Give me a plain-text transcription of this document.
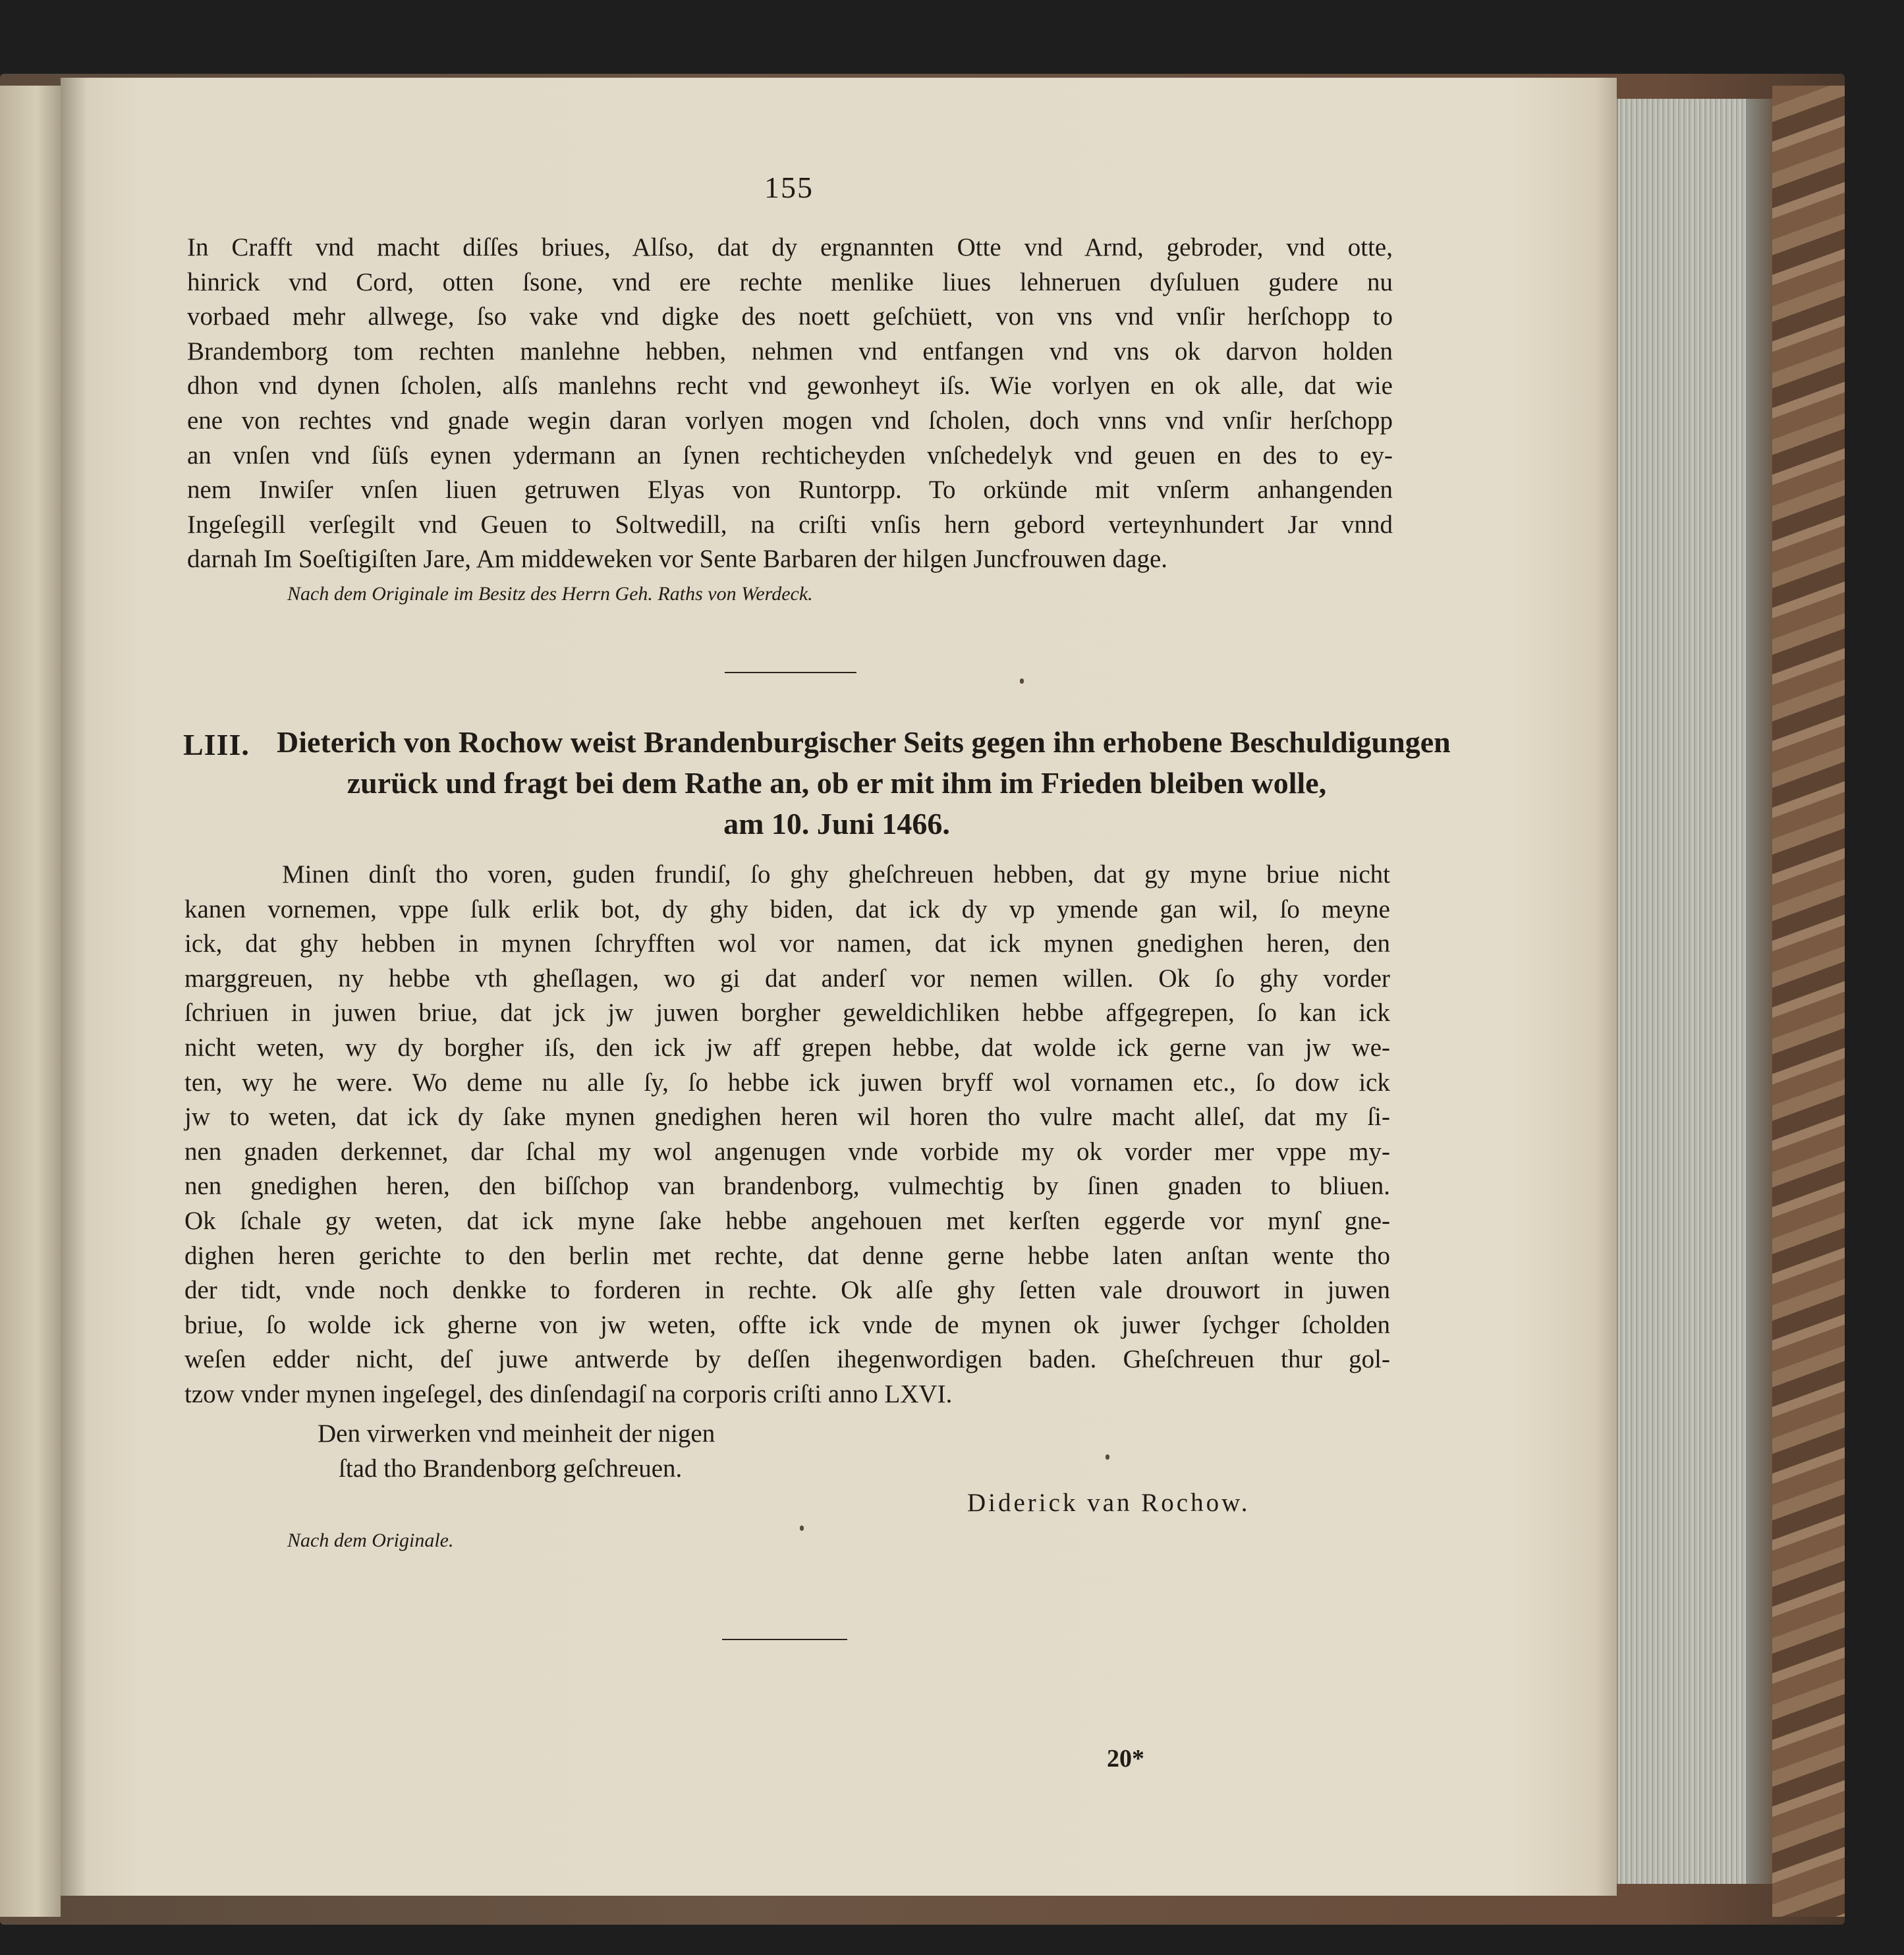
155
In Crafft vnd macht diſſes briues, Alſso, dat dy ergnannten Otte vnd Arnd, gebroder, vnd otte,
hinrick vnd Cord, otten ſsone, vnd ere rechte menlike liues lehneruen dyſuluen gudere nu
vorbaed mehr allwege, ſso vake vnd digke des noett geſchüett, von vns vnd vnſir herſchopp to
Brandemborg tom rechten manlehne hebben, nehmen vnd entfangen vnd vns ok darvon holden
dhon vnd dynen ſcholen, alſs manlehns recht vnd gewonheyt iſs. Wie vorlyen en ok alle, dat wie
ene von rechtes vnd gnade wegin daran vorlyen mogen vnd ſcholen, doch vnns vnd vnſir herſchopp
an vnſen vnd ſüſs eynen ydermann an ſynen rechticheyden vnſchedelyk vnd geuen en des to ey-
nem Inwiſer vnſen liuen getruwen Elyas von Runtorpp. To orkünde mit vnſerm anhangenden
Ingeſegill verſegilt vnd Geuen to Soltwedill, na criſti vnſis hern gebord verteynhundert Jar vnnd
darnah Im Soeſtigiſten Jare, Am middeweken vor Sente Barbaren der hilgen Juncfrouwen dage.
Nach dem Originale im Besitz des Herrn Geh. Raths von Werdeck.
LIII. Dieterich von Rochow weist Brandenburgischer Seits gegen ihn erhobene Beschuldigungen
zurück und fragt bei dem Rathe an, ob er mit ihm im Frieden bleiben wolle,
am 10. Juni 1466.
Minen dinſt tho voren, guden frundiſ, ſo ghy gheſchreuen hebben, dat gy myne briue nicht
kanen vornemen, vppe ſulk erlik bot, dy ghy biden, dat ick dy vp ymende gan wil, ſo meyne
ick, dat ghy hebben in mynen ſchryfften wol vor namen, dat ick mynen gnedighen heren, den
marggreuen, ny hebbe vth gheſlagen, wo gi dat anderſ vor nemen willen. Ok ſo ghy vorder
ſchriuen in juwen briue, dat jck jw juwen borgher geweldichliken hebbe affgegrepen, ſo kan ick
nicht weten, wy dy borgher iſs, den ick jw aff grepen hebbe, dat wolde ick gerne van jw we-
ten, wy he were. Wo deme nu alle ſy, ſo hebbe ick juwen bryff wol vornamen etc., ſo dow ick
jw to weten, dat ick dy ſake mynen gnedighen heren wil horen tho vulre macht alleſ, dat my ſi-
nen gnaden derkennet, dar ſchal my wol angenugen vnde vorbide my ok vorder mer vppe my-
nen gnedighen heren, den biſſchop van brandenborg, vulmechtig by ſinen gnaden to bliuen.
Ok ſchale gy weten, dat ick myne ſake hebbe angehouen met kerſten eggerde vor mynſ gne-
dighen heren gerichte to den berlin met rechte, dat denne gerne hebbe laten anſtan wente tho
der tidt, vnde noch denkke to forderen in rechte. Ok alſe ghy ſetten vale drouwort in juwen
briue, ſo wolde ick gherne von jw weten, offte ick vnde de mynen ok juwer ſychger ſcholden
weſen edder nicht, deſ juwe antwerde by deſſen ihegenwordigen baden. Gheſchreuen thur gol-
tzow vnder mynen ingeſegel, des dinſendagiſ na corporis criſti anno LXVI.
Den virwerken vnd meinheit der nigen
ſtad tho Brandenborg geſchreuen.
Diderick van Rochow.
Nach dem Originale.
20*
